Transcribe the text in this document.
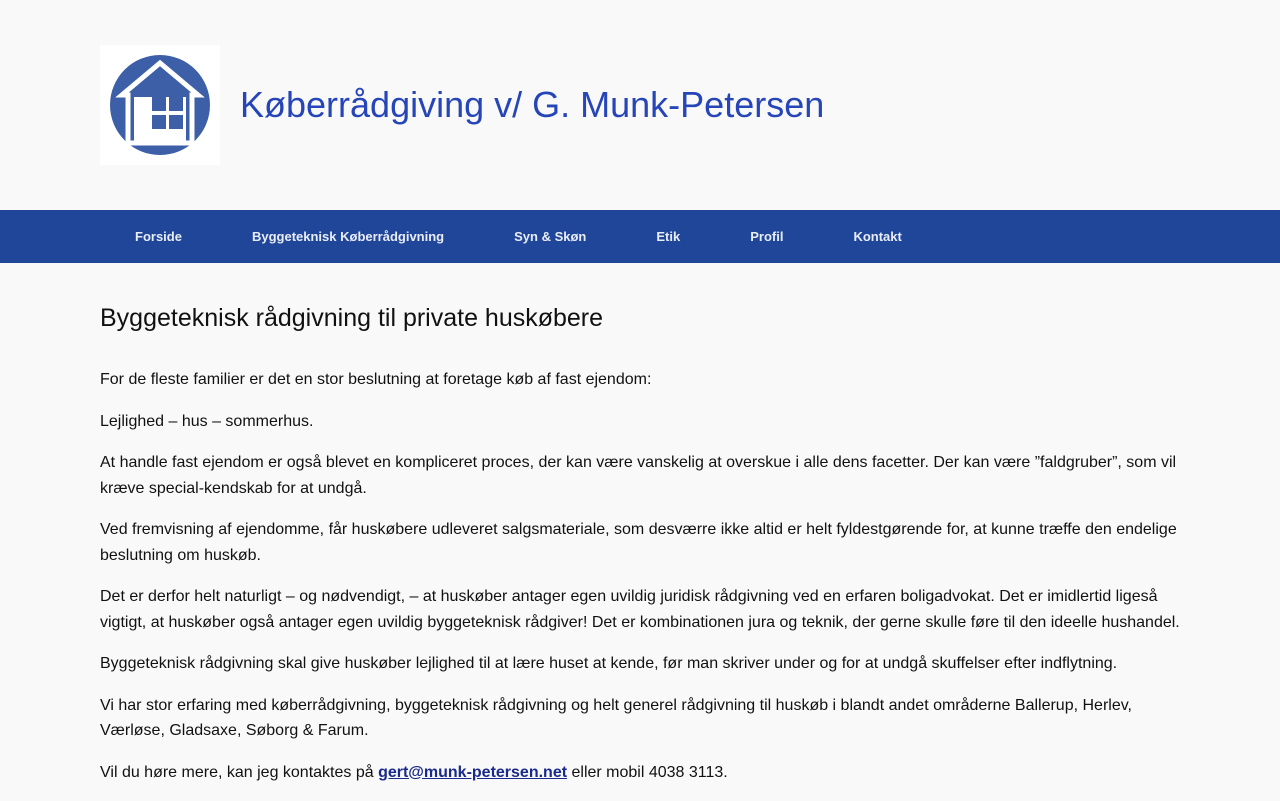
Køberrådgiving v/ G. Munk-Petersen
Forside	Byggeteknisk Køberrådgivning	Syn & Skøn	Etik	Profil	Kontakt
Byggeteknisk rådgivning til private huskøbere

For de fleste familier er det en stor beslutning at foretage køb af fast ejendom:

Lejlighed – hus – sommerhus.

At handle fast ejendom er også blevet en kompliceret proces, der kan være vanskelig at overskue i alle dens facetter. Der kan være ”faldgruber”, som vil kræve special-kendskab for at undgå.

Ved fremvisning af ejendomme, får huskøbere udleveret salgsmateriale, som desværre ikke altid er helt fyldestgørende for, at kunne træffe den endelige beslutning om huskøb.

Det er derfor helt naturligt – og nødvendigt, – at huskøber antager egen uvildig juridisk rådgivning ved en erfaren boligadvokat. Det er imidlertid ligeså vigtigt, at huskøber også antager egen uvildig byggeteknisk rådgiver! Det er kombinationen jura og teknik, der gerne skulle føre til den ideelle hushandel.

Byggeteknisk rådgivning skal give huskøber lejlighed til at lære huset at kende, før man skriver under og for at undgå skuffelser efter indflytning.

Vi har stor erfaring med køberrådgivning, byggeteknisk rådgivning og helt generel rådgivning til huskøb i blandt andet områderne Ballerup, Herlev, Værløse, Gladsaxe, Søborg & Farum.

Vil du høre mere, kan jeg kontaktes på gert@munk-petersen.net eller mobil 4038 3113.
